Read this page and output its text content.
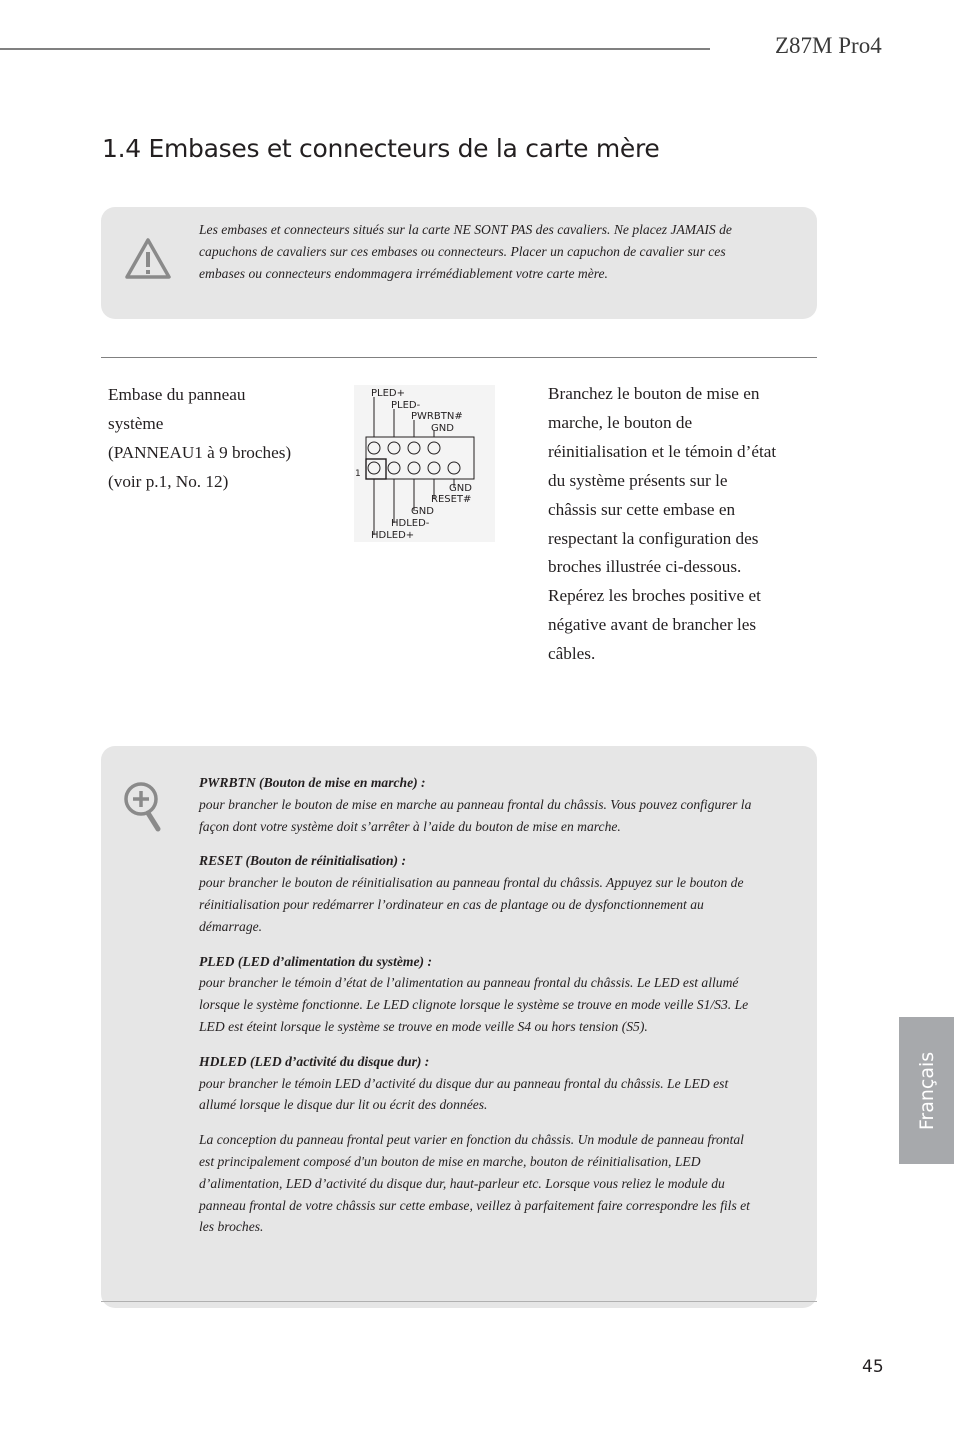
Z87M Pro4
1.4 Embases et connecteurs de la carte mère
Les embases et connecteurs situés sur la carte NE SONT PAS des cavaliers. Ne placez JAMAIS de capuchons de cavaliers sur ces embases ou connecteurs. Placer un capuchon de cavalier sur ces embases ou connecteurs endommagera irrémédiablement votre carte mère.
Embase du panneau
système
(PANNEAU1 à 9 broches)
(voir p.1, No. 12)
PLED+
PLED-
PWRBTN#
GND
GND
RESET#
GND
HDLED-
HDLED+
1
Branchez le bouton de mise en marche, le bouton de réinitialisation et le témoin d’état du système présents sur le châssis sur cette embase en respectant la configuration des broches illustrée ci-dessous. Repérez les broches positive et négative avant de brancher les câbles.
PWRBTN (Bouton de mise en marche) :
pour brancher le bouton de mise en marche au panneau frontal du châssis. Vous pouvez configurer la façon dont votre système doit s’arrêter à l’aide du bouton de mise en marche.
RESET (Bouton de réinitialisation) :
pour brancher le bouton de réinitialisation au panneau frontal du châssis. Appuyez sur le bouton de réinitialisation pour redémarrer l’ordinateur en cas de plantage ou de dysfonctionnement au démarrage.
PLED (LED d’alimentation du système) :
pour brancher le témoin d’état de l’alimentation au panneau frontal du châssis. Le LED est allumé lorsque le système fonctionne. Le LED clignote lorsque le système se trouve en mode veille S1/S3. Le LED est éteint lorsque le système se trouve en mode veille S4 ou hors tension (S5).
HDLED (LED d’activité du disque dur) :
pour brancher le témoin LED d’activité du disque dur au panneau frontal du châssis. Le LED est allumé lorsque le disque dur lit ou écrit des données.
La conception du panneau frontal peut varier en fonction du châssis. Un module de panneau frontal est principalement composé d'un bouton de mise en marche, bouton de réinitialisation, LED d’alimentation, LED d’activité du disque dur, haut-parleur etc. Lorsque vous reliez le module du panneau frontal de votre châssis sur cette embase, veillez à parfaitement faire correspondre les fils et les broches.
Français
45
